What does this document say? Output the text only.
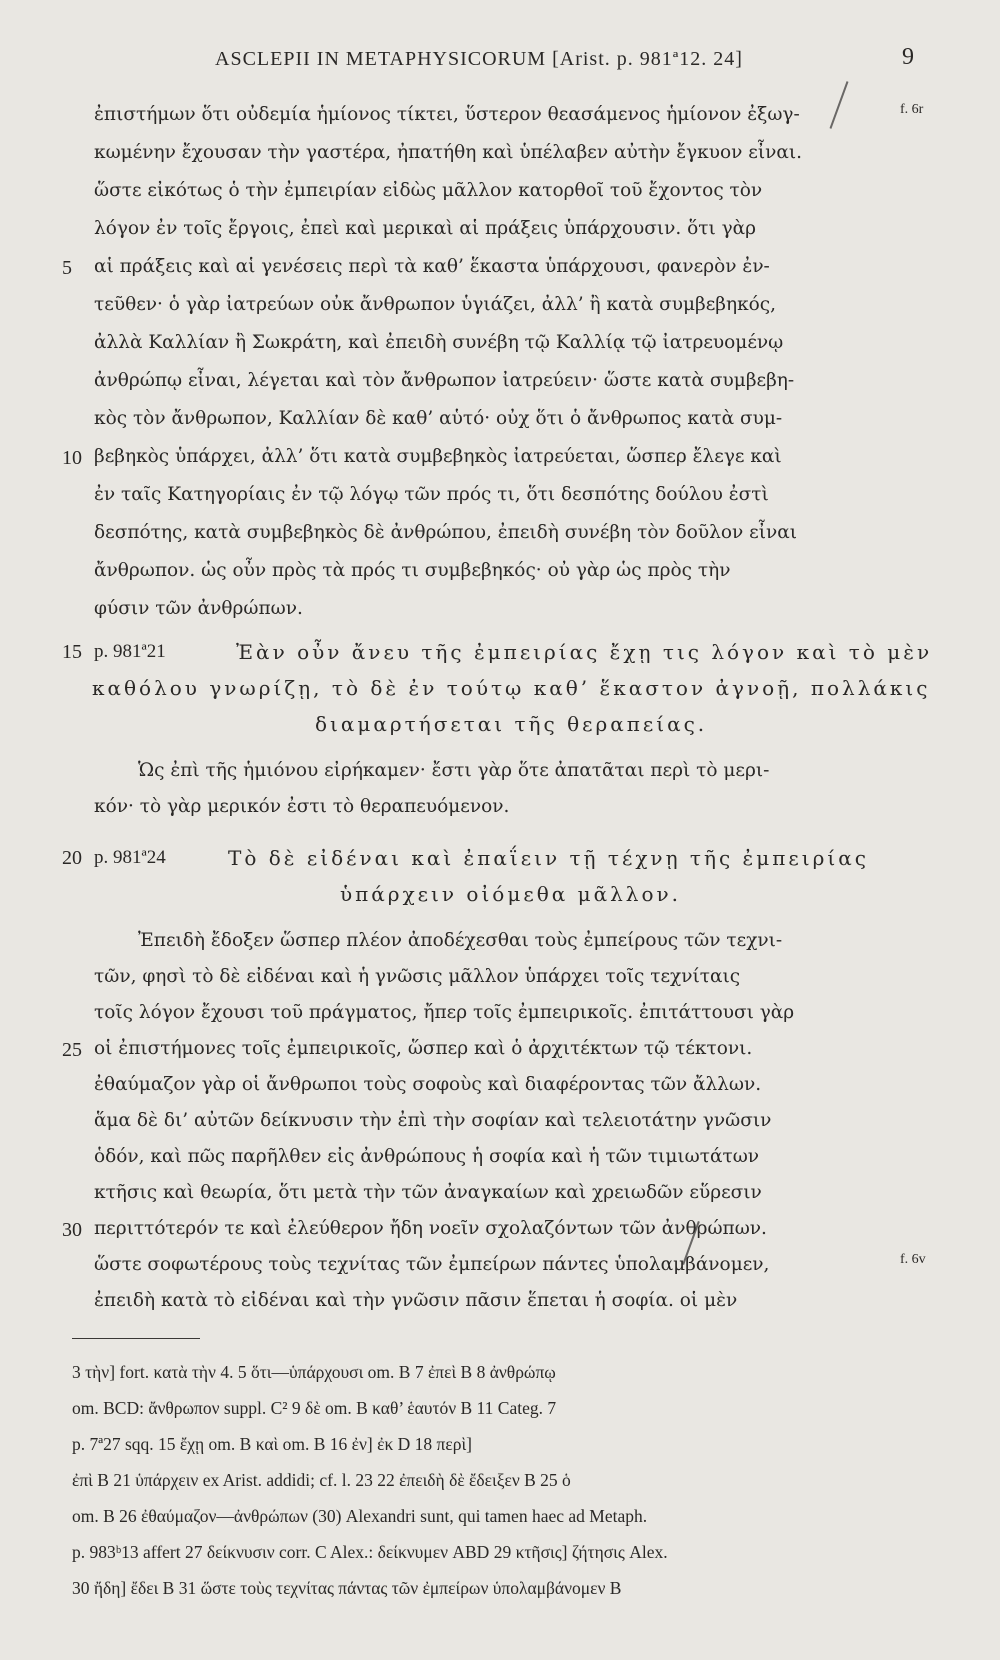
ASCLEPII IN METAPHYSICORUM [Arist. p. 981ª12. 24]	9
ἐπιστήμων ὅτι οὐδεμία ἡμίονος τίκτει, ὕστερον θεασάμενος ἡμίονον ἐξωγ-	f. 6r
κωμένην ἔχουσαν τὴν γαστέρα, ἠπατήθη καὶ ὑπέλαβεν αὐτὴν ἔγκυον εἶναι.
ὥστε εἰκότως ὁ τὴν ἐμπειρίαν εἰδὼς μᾶλλον κατορθοῖ τοῦ ἔχοντος τὸν
λόγον ἐν τοῖς ἔργοις, ἐπεὶ καὶ μερικαὶ αἱ πράξεις ὑπάρχουσιν. ὅτι γὰρ
5 αἱ πράξεις καὶ αἱ γενέσεις περὶ τὰ καθ’ ἕκαστα ὑπάρχουσι, φανερὸν ἐν-
τεῦθεν· ὁ γὰρ ἰατρεύων οὐκ ἄνθρωπον ὑγιάζει, ἀλλ’ ἢ κατὰ συμβεβηκός,
ἀλλὰ Καλλίαν ἢ Σωκράτη, καὶ ἐπειδὴ συνέβη τῷ Καλλίᾳ τῷ ἰατρευομένῳ
ἀνθρώπῳ εἶναι, λέγεται καὶ τὸν ἄνθρωπον ἰατρεύειν· ὥστε κατὰ συμβεβη-
κὸς τὸν ἄνθρωπον, Καλλίαν δὲ καθ’ αὑτό· οὐχ ὅτι ὁ ἄνθρωπος κατὰ συμ-
10 βεβηκὸς ὑπάρχει, ἀλλ’ ὅτι κατὰ συμβεβηκὸς ἰατρεύεται, ὥσπερ ἔλεγε καὶ
ἐν ταῖς Κατηγορίαις ἐν τῷ λόγῳ τῶν πρός τι, ὅτι δεσπότης δούλου ἐστὶ
δεσπότης, κατὰ συμβεβηκὸς δὲ ἀνθρώπου, ἐπειδὴ συνέβη τὸν δοῦλον εἶναι
ἄνθρωπον. ὡς οὖν πρὸς τὰ πρός τι συμβεβηκός· οὐ γὰρ ὡς πρὸς τὴν
φύσιν τῶν ἀνθρώπων.
15 p. 981ª21	Ἐὰν οὖν ἄνευ τῆς ἐμπειρίας ἔχῃ τις λόγον καὶ τὸ μὲν
καθόλου γνωρίζῃ, τὸ δὲ ἐν τούτῳ καθ’ ἕκαστον ἀγνοῇ, πολλάκις
διαμαρτήσεται τῆς θεραπείας.
Ὡς ἐπὶ τῆς ἡμιόνου εἰρήκαμεν· ἔστι γὰρ ὅτε ἀπατᾶται περὶ τὸ μερι-
κόν· τὸ γὰρ μερικόν ἐστι τὸ θεραπευόμενον.
20 p. 981ª24	Τὸ δὲ εἰδέναι καὶ ἐπαΐειν τῇ τέχνῃ τῆς ἐμπειρίας
ὑπάρχειν οἰόμεθα μᾶλλον.
Ἐπειδὴ ἔδοξεν ὥσπερ πλέον ἀποδέχεσθαι τοὺς ἐμπείρους τῶν τεχνι-
τῶν, φησὶ τὸ δὲ εἰδέναι καὶ ἡ γνῶσις μᾶλλον ὑπάρχει τοῖς τεχνίταις
τοῖς λόγον ἔχουσι τοῦ πράγματος, ἤπερ τοῖς ἐμπειρικοῖς. ἐπιτάττουσι γὰρ
25 οἱ ἐπιστήμονες τοῖς ἐμπειρικοῖς, ὥσπερ καὶ ὁ ἀρχιτέκτων τῷ τέκτονι.
ἐθαύμαζον γὰρ οἱ ἄνθρωποι τοὺς σοφοὺς καὶ διαφέροντας τῶν ἄλλων.
ἅμα δὲ δι’ αὐτῶν δείκνυσιν τὴν ἐπὶ τὴν σοφίαν καὶ τελειοτάτην γνῶσιν
ὁδόν, καὶ πῶς παρῆλθεν εἰς ἀνθρώπους ἡ σοφία καὶ ἡ τῶν τιμιωτάτων
κτῆσις καὶ θεωρία, ὅτι μετὰ τὴν τῶν ἀναγκαίων καὶ χρειωδῶν εὕρεσιν
30 περιττότερόν τε καὶ ἐλεύθερον ἤδη νοεῖν σχολαζόντων τῶν ἀνθρώπων.
ὥστε σοφωτέρους τοὺς τεχνίτας τῶν ἐμπείρων πάντες ὑπολαμβάνομεν,	f. 6v
ἐπειδὴ κατὰ τὸ εἰδέναι καὶ τὴν γνῶσιν πᾶσιν ἕπεται ἡ σοφία. οἱ μὲν
3 τὴν] fort. κατὰ τὴν 4. 5 ὅτι—ὑπάρχουσι om. B 7 ἐπεὶ B 8 ἀνθρώπῳ
om. BCD: ἄνθρωπον suppl. C² 9 δὲ om. B καθ’ ἑαυτόν B 11 Categ. 7
p. 7ª27 sqq. 15 ἔχῃ om. B καὶ om. B 16 ἐν] ἐκ D 18 περὶ]
ἐπὶ B 21 ὑπάρχειν ex Arist. addidi; cf. l. 23 22 ἐπειδὴ δὲ ἔδειξεν B 25 ὁ
om. B 26 ἐθαύμαζον—ἀνθρώπων (30) Alexandri sunt, qui tamen haec ad Metaph.
p. 983ᵇ13 affert 27 δείκνυσιν corr. C Alex.: δείκνυμεν ABD 29 κτῆσις] ζήτησις Alex.
30 ἤδη] ἔδει B 31 ὥστε τοὺς τεχνίτας πάντας τῶν ἐμπείρων ὑπολαμβάνομεν B
